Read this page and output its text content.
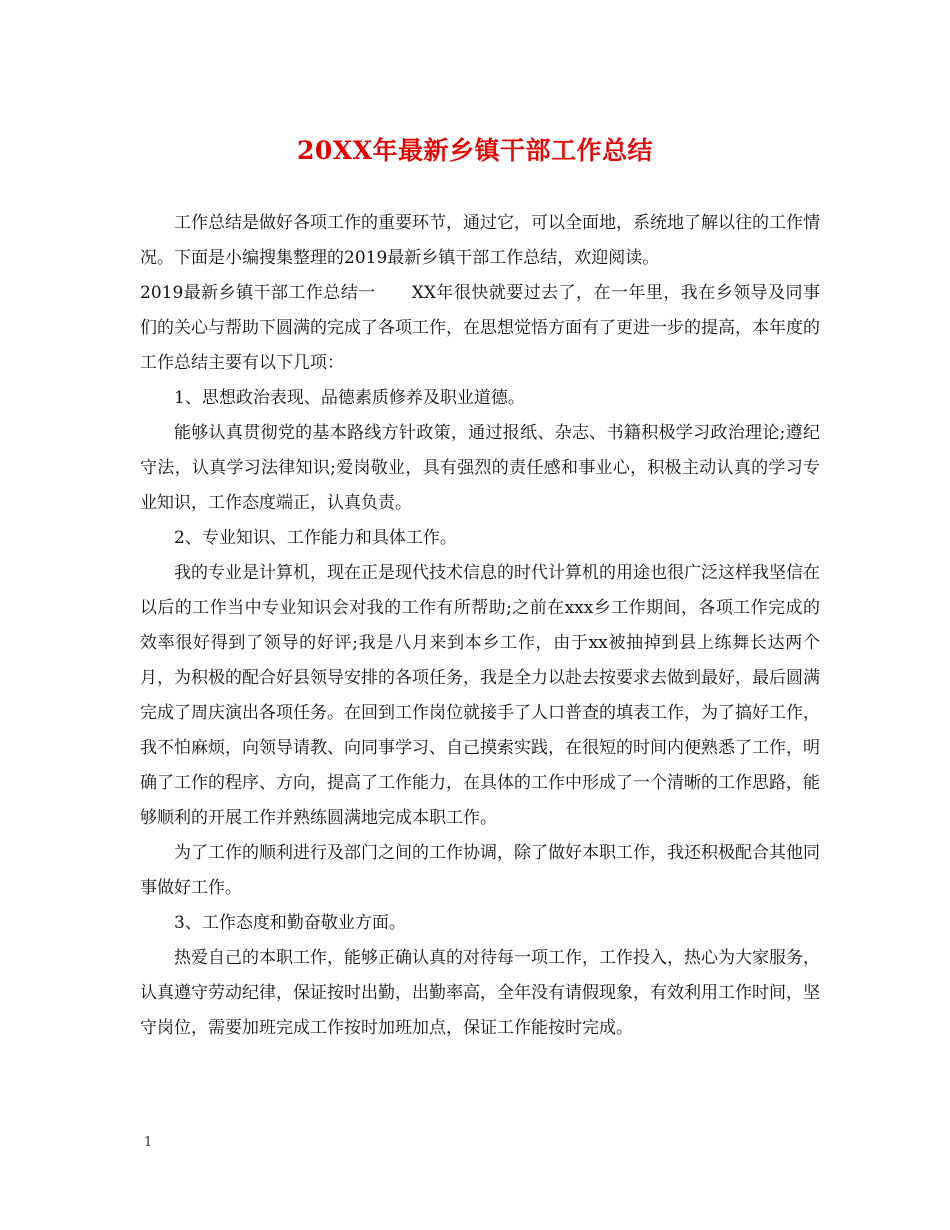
20XX年最新乡镇干部工作总结

工作总结是做好各项工作的重要环节，通过它，可以全面地，系统地了解以往的工作情况。下面是小编搜集整理的2019最新乡镇干部工作总结，欢迎阅读。

2019最新乡镇干部工作总结一 XX年很快就要过去了，在一年里，我在乡领导及同事们的关心与帮助下圆满的完成了各项工作，在思想觉悟方面有了更进一步的提高，本年度的工作总结主要有以下几项：

1、思想政治表现、品德素质修养及职业道德。

能够认真贯彻党的基本路线方针政策，通过报纸、杂志、书籍积极学习政治理论;遵纪守法，认真学习法律知识;爱岗敬业，具有强烈的责任感和事业心，积极主动认真的学习专业知识，工作态度端正，认真负责。

2、专业知识、工作能力和具体工作。

我的专业是计算机，现在正是现代技术信息的时代计算机的用途也很广泛这样我坚信在以后的工作当中专业知识会对我的工作有所帮助;之前在xxx乡工作期间，各项工作完成的效率很好得到了领导的好评;我是八月来到本乡工作，由于xx被抽掉到县上练舞长达两个月，为积极的配合好县领导安排的各项任务，我是全力以赴去按要求去做到最好，最后圆满完成了周庆演出各项任务。在回到工作岗位就接手了人口普查的填表工作，为了搞好工作，我不怕麻烦，向领导请教、向同事学习、自己摸索实践，在很短的时间内便熟悉了工作，明确了工作的程序、方向，提高了工作能力，在具体的工作中形成了一个清晰的工作思路，能够顺利的开展工作并熟练圆满地完成本职工作。

为了工作的顺利进行及部门之间的工作协调，除了做好本职工作，我还积极配合其他同事做好工作。

3、工作态度和勤奋敬业方面。

热爱自己的本职工作，能够正确认真的对待每一项工作，工作投入，热心为大家服务，认真遵守劳动纪律，保证按时出勤，出勤率高，全年没有请假现象，有效利用工作时间，坚守岗位，需要加班完成工作按时加班加点，保证工作能按时完成。

1
